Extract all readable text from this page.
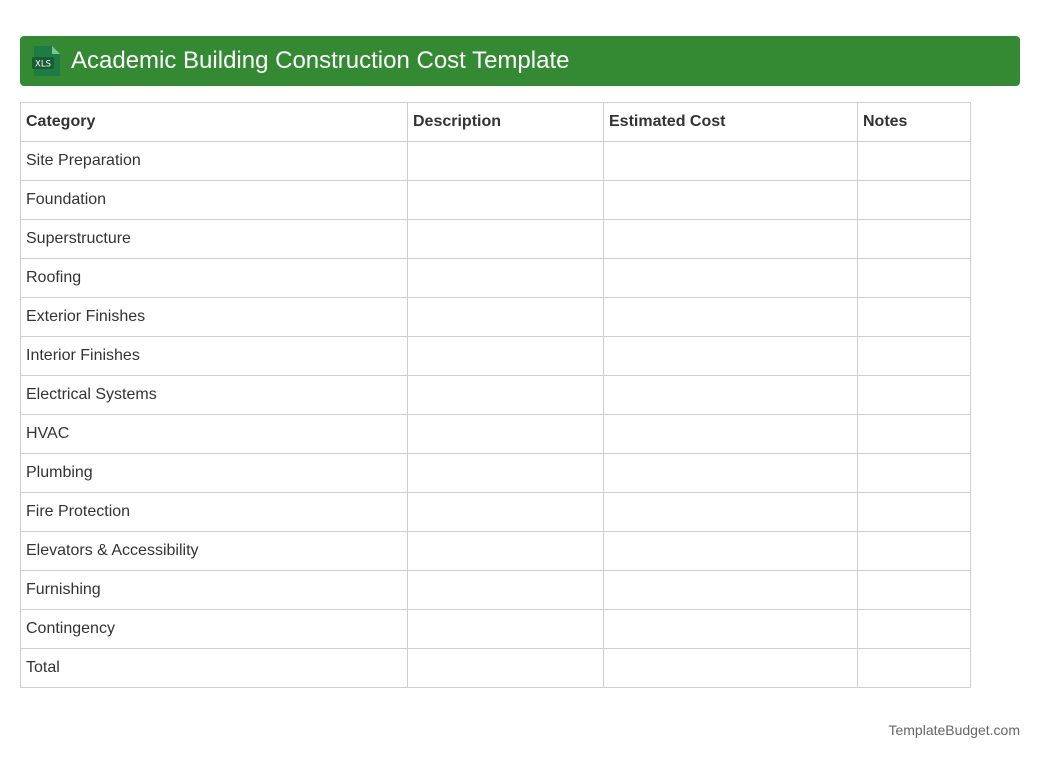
XLS Academic Building Construction Cost Template
Category	Description	Estimated Cost	Notes
Site Preparation			
Foundation			
Superstructure			
Roofing			
Exterior Finishes			
Interior Finishes			
Electrical Systems			
HVAC			
Plumbing			
Fire Protection			
Elevators & Accessibility			
Furnishing			
Contingency			
Total			
TemplateBudget.com
